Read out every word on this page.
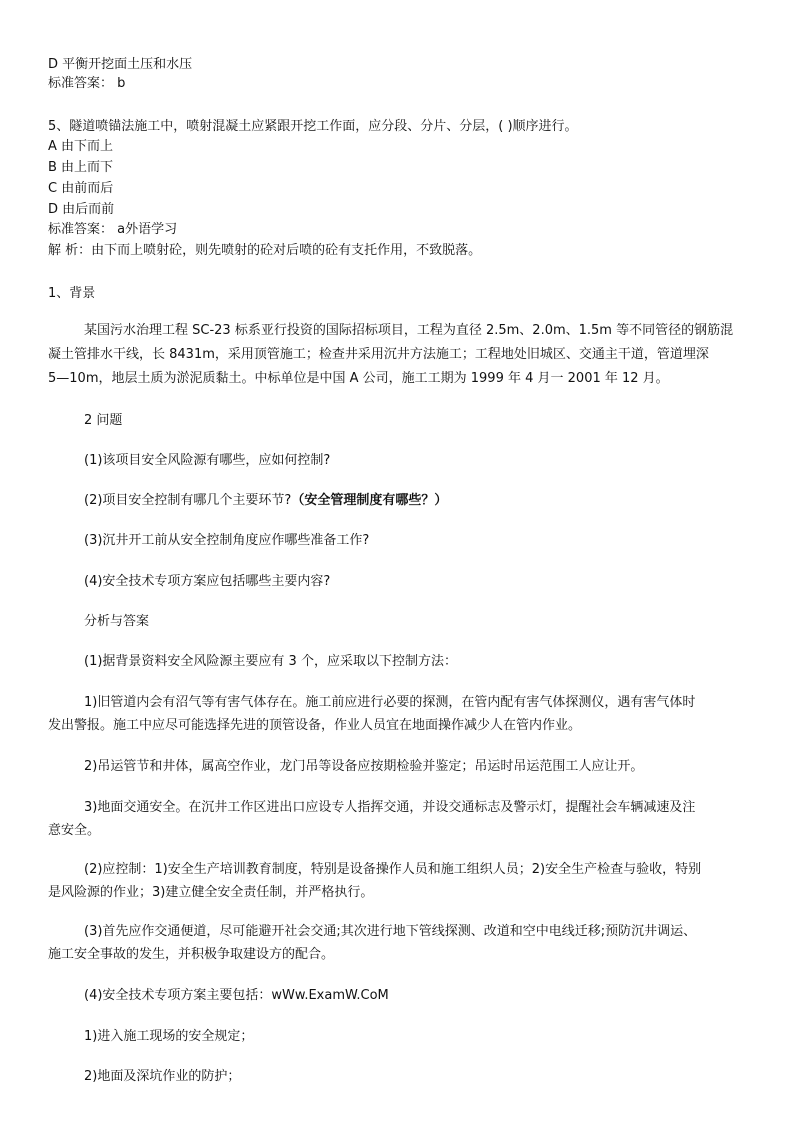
D 平衡开挖面土压和水压
标准答案： b
5、隧道喷锚法施工中，喷射混凝土应紧跟开挖工作面，应分段、分片、分层，( )顺序进行。
A 由下而上
B 由上而下
C 由前而后
D 由后而前
标准答案： a外语学习
解 析：由下而上喷射砼，则先喷射的砼对后喷的砼有支托作用，不致脱落。
1、背景
某国污水治理工程 SC-23 标系亚行投资的国际招标项目，工程为直径 2.5m、2.0m、1.5m 等不同管径的钢筋混
凝土管排水干线，长 8431m，采用顶管施工；检查井采用沉井方法施工；工程地处旧城区、交通主干道，管道埋深
5—10m，地层土质为淤泥质黏土。中标单位是中国 A 公司，施工工期为 1999 年 4 月一 2001 年 12 月。
2 问题
(1)该项目安全风险源有哪些，应如何控制?
(2)项目安全控制有哪几个主要环节?（安全管理制度有哪些？）
(3)沉井开工前从安全控制角度应作哪些准备工作?
(4)安全技术专项方案应包括哪些主要内容?
分析与答案
(1)据背景资料安全风险源主要应有 3 个，应采取以下控制方法：
1)旧管道内会有沼气等有害气体存在。施工前应进行必要的探测，在管内配有害气体探测仪，遇有害气体时
发出警报。施工中应尽可能选择先进的顶管设备，作业人员宜在地面操作减少人在管内作业。
2)吊运管节和井体，属高空作业，龙门吊等设备应按期检验并鉴定；吊运时吊运范围工人应让开。
3)地面交通安全。在沉井工作区进出口应设专人指挥交通，并设交通标志及警示灯，提醒社会车辆减速及注
意安全。
(2)应控制：1)安全生产培训教育制度，特别是设备操作人员和施工组织人员；2)安全生产检查与验收，特别
是风险源的作业；3)建立健全安全责任制，并严格执行。
(3)首先应作交通便道，尽可能避开社会交通;其次进行地下管线探测、改道和空中电线迁移;预防沉井调运、
施工安全事故的发生，并积极争取建设方的配合。
(4)安全技术专项方案主要包括：wWw.ExamW.CoM
1)进入施工现场的安全规定；
2)地面及深坑作业的防护；
